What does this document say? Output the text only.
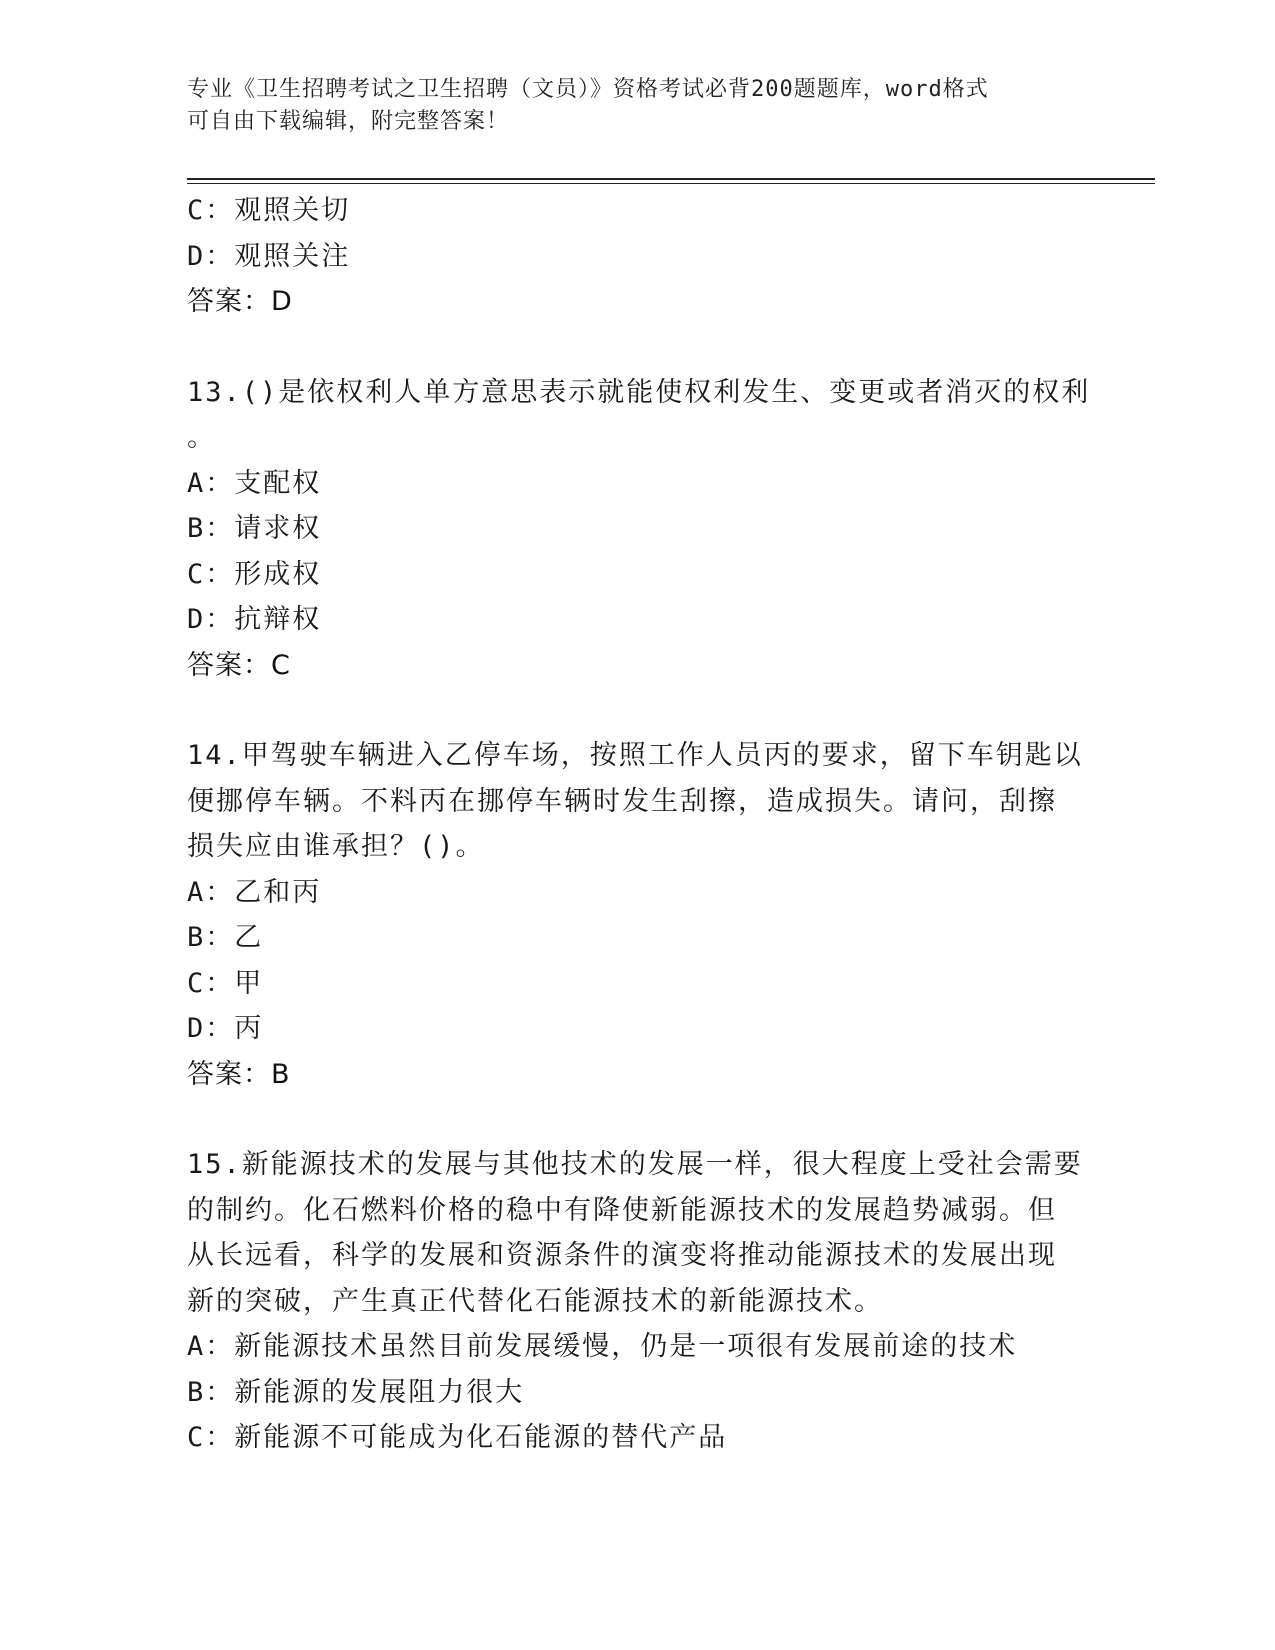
专业《卫生招聘考试之卫生招聘（文员）》资格考试必背200题题库，word格式
可自由下载编辑，附完整答案！
C：观照关切
D：观照关注
答案：D
13.()是依权利人单方意思表示就能使权利发生、变更或者消灭的权利
。
A：支配权
B：请求权
C：形成权
D：抗辩权
答案：C
14.甲驾驶车辆进入乙停车场，按照工作人员丙的要求，留下车钥匙以
便挪停车辆。不料丙在挪停车辆时发生刮擦，造成损失。请问，刮擦
损失应由谁承担？()。
A：乙和丙
B：乙
C：甲
D：丙
答案：B
15.新能源技术的发展与其他技术的发展一样，很大程度上受社会需要
的制约。化石燃料价格的稳中有降使新能源技术的发展趋势减弱。但
从长远看，科学的发展和资源条件的演变将推动能源技术的发展出现
新的突破，产生真正代替化石能源技术的新能源技术。
A：新能源技术虽然目前发展缓慢，仍是一项很有发展前途的技术
B：新能源的发展阻力很大
C：新能源不可能成为化石能源的替代产品
